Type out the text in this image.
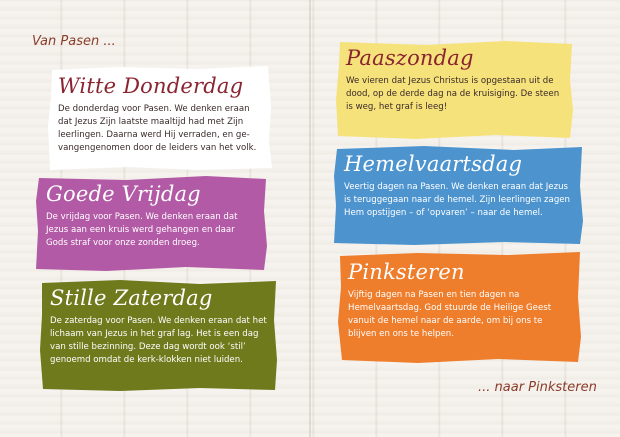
Van Pasen ...
... naar Pinksteren
Witte Donderdag

De donderdag voor Pasen. We denken eraan dat Jezus Zijn laatste maaltijd had met Zijn leerlingen. Daarna werd Hij verraden, en ge-vangengenomen door de leiders van het volk.

Goede Vrijdag

De vrijdag voor Pasen. We denken eraan dat Jezus aan een kruis werd gehangen en daar Gods straf voor onze zonden droeg.

Stille Zaterdag

De zaterdag voor Pasen. We denken eraan dat het lichaam van Jezus in het graf lag. Het is een dag van stille bezinning. Deze dag wordt ook ‘stil’ genoemd omdat de kerk-klokken niet luiden.

Paaszondag

We vieren dat Jezus Christus is opgestaan uit de dood, op de derde dag na de kruisiging. De steen is weg, het graf is leeg!

Hemelvaartsdag

Veertig dagen na Pasen. We denken eraan dat Jezus is teruggegaan naar de hemel. Zijn leerlingen zagen Hem opstijgen – of ‘opvaren’ – naar de hemel.

Pinksteren

Vijftig dagen na Pasen en tien dagen na Hemelvaartsdag. God stuurde de Heilige Geest vanuit de hemel naar de aarde, om bij ons te blijven en ons te helpen.
